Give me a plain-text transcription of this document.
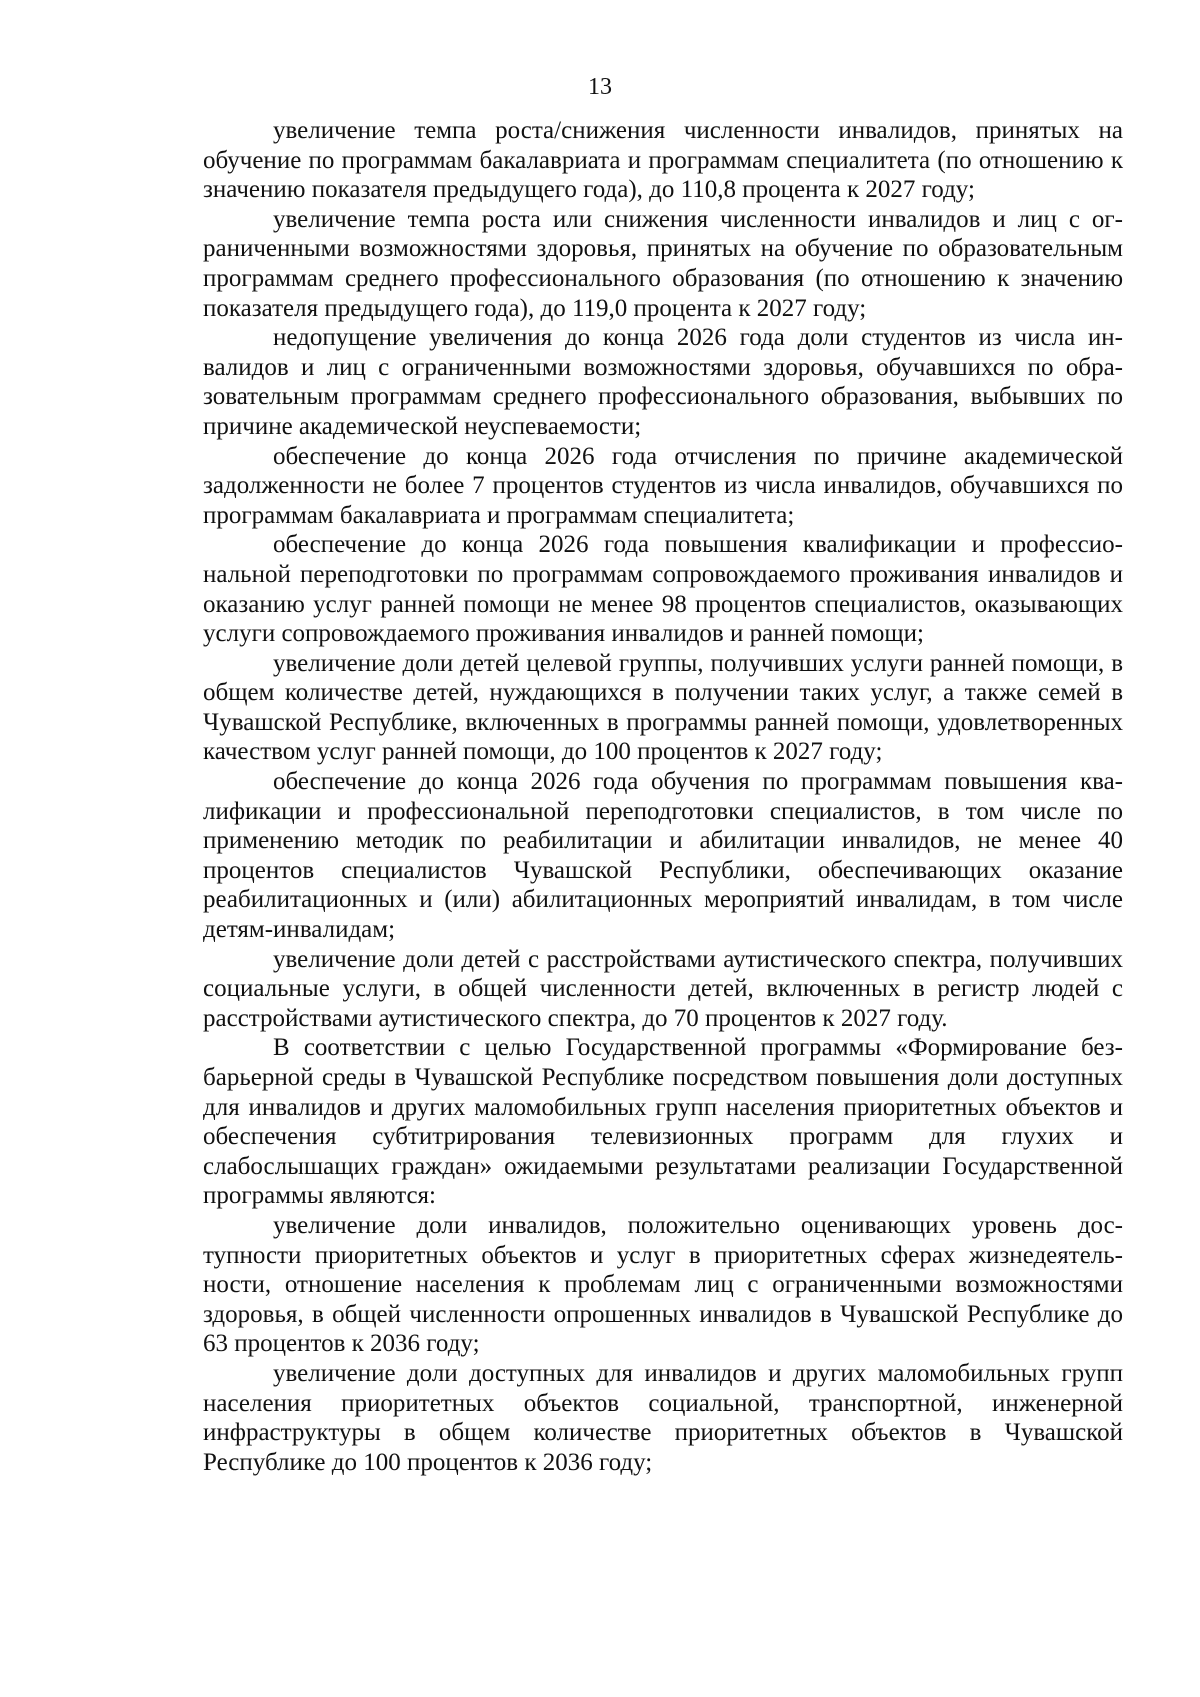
13

увеличение темпа роста/снижения численности инвалидов, принятых на обучение по программам бакалавриата и программам специалитета (по отношению к значению показателя предыдущего года), до 110,8 процента к 2027 году;

увеличение темпа роста или снижения численности инвалидов и лиц с ограниченными возможностями здоровья, принятых на обучение по образовательным программам среднего профессионального образования (по отношению к значению показателя предыдущего года), до 119,0 процента к 2027 году;

недопущение увеличения до конца 2026 года доли студентов из числа инвалидов и лиц с ограниченными возможностями здоровья, обучавшихся по образовательным программам среднего профессионального образования, выбывших по причине академической неуспеваемости;

обеспечение до конца 2026 года отчисления по причине академической задолженности не более 7 процентов студентов из числа инвалидов, обучавшихся по программам бакалавриата и программам специалитета;

обеспечение до конца 2026 года повышения квалификации и профессиональной переподготовки по программам сопровождаемого проживания инвалидов и оказанию услуг ранней помощи не менее 98 процентов специалистов, оказывающих услуги сопровождаемого проживания инвалидов и ранней помощи;

увеличение доли детей целевой группы, получивших услуги ранней помощи, в общем количестве детей, нуждающихся в получении таких услуг, а также семей в Чувашской Республике, включенных в программы ранней помощи, удовлетворенных качеством услуг ранней помощи, до 100 процентов к 2027 году;

обеспечение до конца 2026 года обучения по программам повышения квалификации и профессиональной переподготовки специалистов, в том числе по применению методик по реабилитации и абилитации инвалидов, не менее 40 процентов специалистов Чувашской Республики, обеспечивающих оказание реабилитационных и (или) абилитационных мероприятий инвалидам, в том числе детям-инвалидам;

увеличение доли детей с расстройствами аутистического спектра, получивших социальные услуги, в общей численности детей, включенных в регистр людей с расстройствами аутистического спектра, до 70 процентов к 2027 году.

В соответствии с целью Государственной программы «Формирование безбарьерной среды в Чувашской Республике посредством повышения доли доступных для инвалидов и других маломобильных групп населения приоритетных объектов и обеспечения субтитрирования телевизионных программ для глухих и слабослышащих граждан» ожидаемыми результатами реализации Государственной программы являются:

увеличение доли инвалидов, положительно оценивающих уровень доступности приоритетных объектов и услуг в приоритетных сферах жизнедеятельности, отношение населения к проблемам лиц с ограниченными возможностями здоровья, в общей численности опрошенных инвалидов в Чувашской Республике до 63 процентов к 2036 году;

увеличение доли доступных для инвалидов и других маломобильных групп населения приоритетных объектов социальной, транспортной, инженерной инфраструктуры в общем количестве приоритетных объектов в Чувашской Республике до 100 процентов к 2036 году;
